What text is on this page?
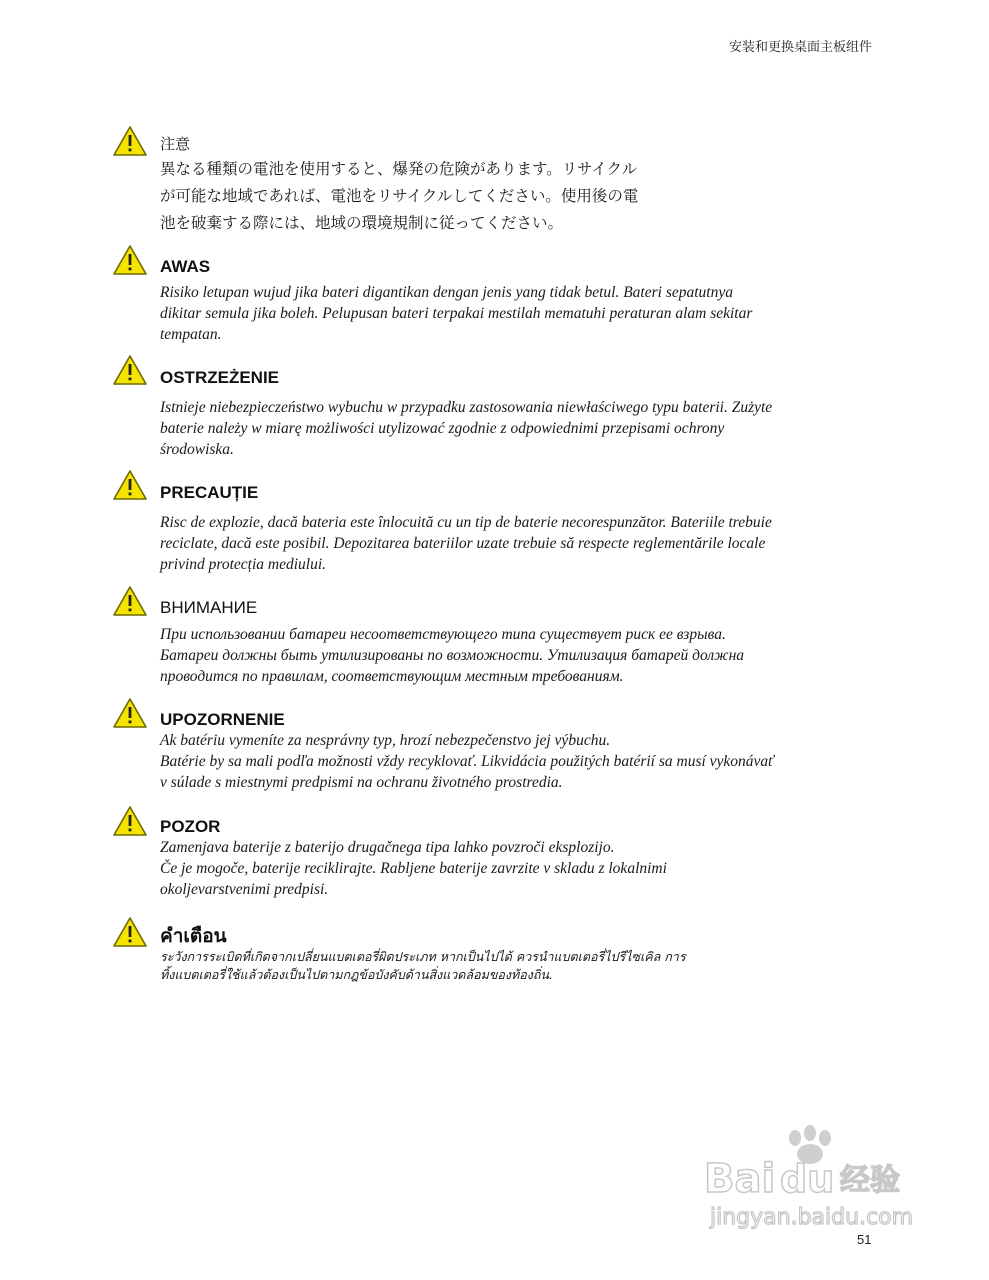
安装和更换桌面主板组件
注意
異なる種類の電池を使用すると、爆発の危険があります。リサイクル
が可能な地域であれば、電池をリサイクルしてください。使用後の電
池を破棄する際には、地域の環境規制に従ってください。
AWAS
Risiko letupan wujud jika bateri digantikan dengan jenis yang tidak betul. Bateri sepatutnya
dikitar semula jika boleh. Pelupusan bateri terpakai mestilah mematuhi peraturan alam sekitar
tempatan.
OSTRZEŻENIE
Istnieje niebezpieczeństwo wybuchu w przypadku zastosowania niewłaściwego typu baterii. Zużyte
baterie należy w miarę możliwości utylizować zgodnie z odpowiednimi przepisami ochrony
środowiska.
PRECAUȚIE
Risc de explozie, dacă bateria este înlocuită cu un tip de baterie necorespunzător. Bateriile trebuie
reciclate, dacă este posibil. Depozitarea bateriilor uzate trebuie să respecte reglementările locale
privind protecția mediului.
ВНИМАНИЕ
При использовании батареи несоответствующего типа существует риск ее взрыва.
Батареи должны быть утилизированы по возможности. Утилизация батарей должна
проводится по правилам, соответствующим местным требованиям.
UPOZORNENIE
Ak batériu vymeníte za nesprávny typ, hrozí nebezpečenstvo jej výbuchu.
Batérie by sa mali podľa možnosti vždy recyklovať. Likvidácia použitých batérií sa musí vykonávať
v súlade s miestnymi predpismi na ochranu životného prostredia.
POZOR
Zamenjava baterije z baterijo drugačnega tipa lahko povzroči eksplozijo.
Če je mogoče, baterije reciklirajte. Rabljene baterije zavrzite v skladu z lokalnimi
okoljevarstvenimi predpisi.
คำเตือน
ระวังการระเบิดที่เกิดจากเปลี่ยนแบตเตอรี่ผิดประเภท หากเป็นไปได้ ควรนำแบตเตอรี่ไปรีไซเคิล การ
ทิ้งแบตเตอรี่ใช้แล้วต้องเป็นไปตามกฎข้อบังคับด้านสิ่งแวดล้อมของท้องถิ่น.
Bai du 经验
jingyan.baidu.com
51
